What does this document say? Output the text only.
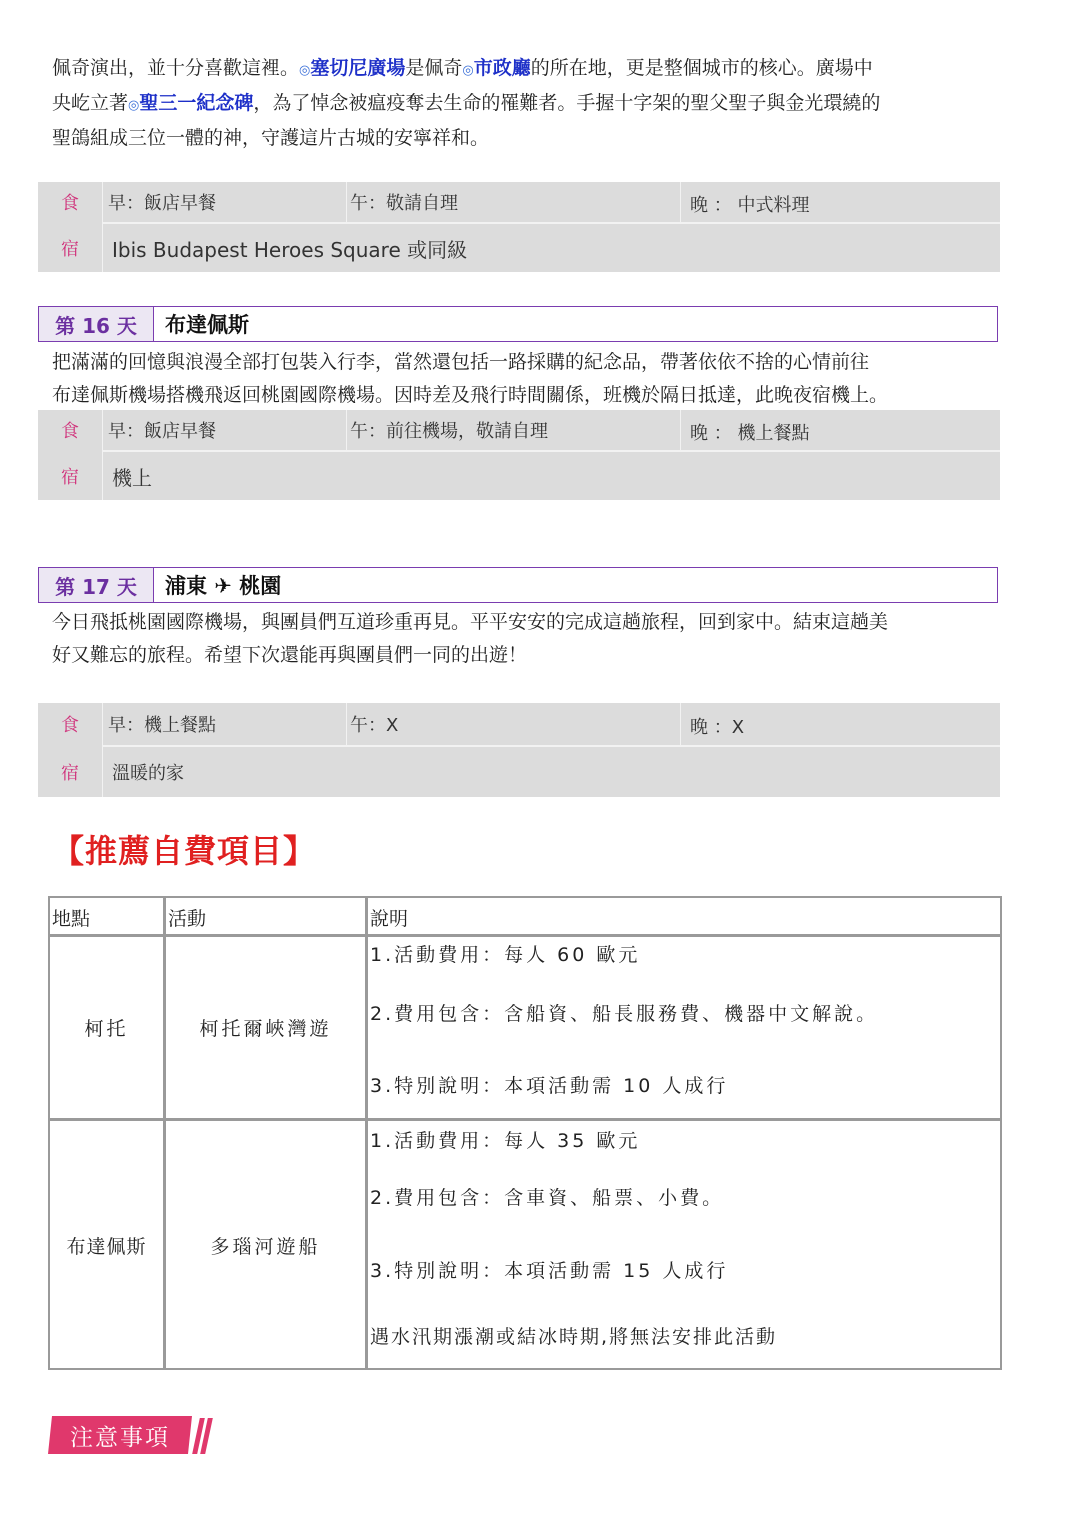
佩奇演出，並十分喜歡這裡。◎塞切尼廣場是佩奇◎市政廳的所在地，更是整個城市的核心。廣場中
央屹立著◎聖三一紀念碑，為了悼念被瘟疫奪去生命的罹難者。手握十字架的聖父聖子與金光環繞的
聖鴿組成三位一體的神，守護這片古城的安寧祥和。
食	早：飯店早餐	午：敬請自理	晚 ： 中式料理
宿	Ibis Budapest Heroes Square 或同級
第 16 天	布達佩斯
把滿滿的回憶與浪漫全部打包裝入行李，當然還包括一路採購的紀念品，帶著依依不捨的心情前往
布達佩斯機場搭機飛返回桃園國際機場。因時差及飛行時間關係，班機於隔日抵達，此晚夜宿機上。
食	早：飯店早餐	午：前往機場，敬請自理	晚 ： 機上餐點
宿	機上
第 17 天	浦東 ✈ 桃園
今日飛抵桃園國際機場，與團員們互道珍重再見。平平安安的完成這趟旅程，回到家中。結束這趟美
好又難忘的旅程。希望下次還能再與團員們一同的出遊！
食	早：機上餐點	午：X	晚 ：X
宿	溫暖的家
【推薦自費項目】
地點	活動	說明
柯托	柯托爾峽灣遊
1.活動費用：每人 60 歐元
2.費用包含：含船資、船長服務費、機器中文解說。
3.特別說明：本項活動需 10 人成行
布達佩斯	多瑙河遊船
1.活動費用：每人 35 歐元
2.費用包含：含車資、船票、小費。
3.特別說明：本項活動需 15 人成行
遇水汛期漲潮或結冰時期,將無法安排此活動
注意事項
